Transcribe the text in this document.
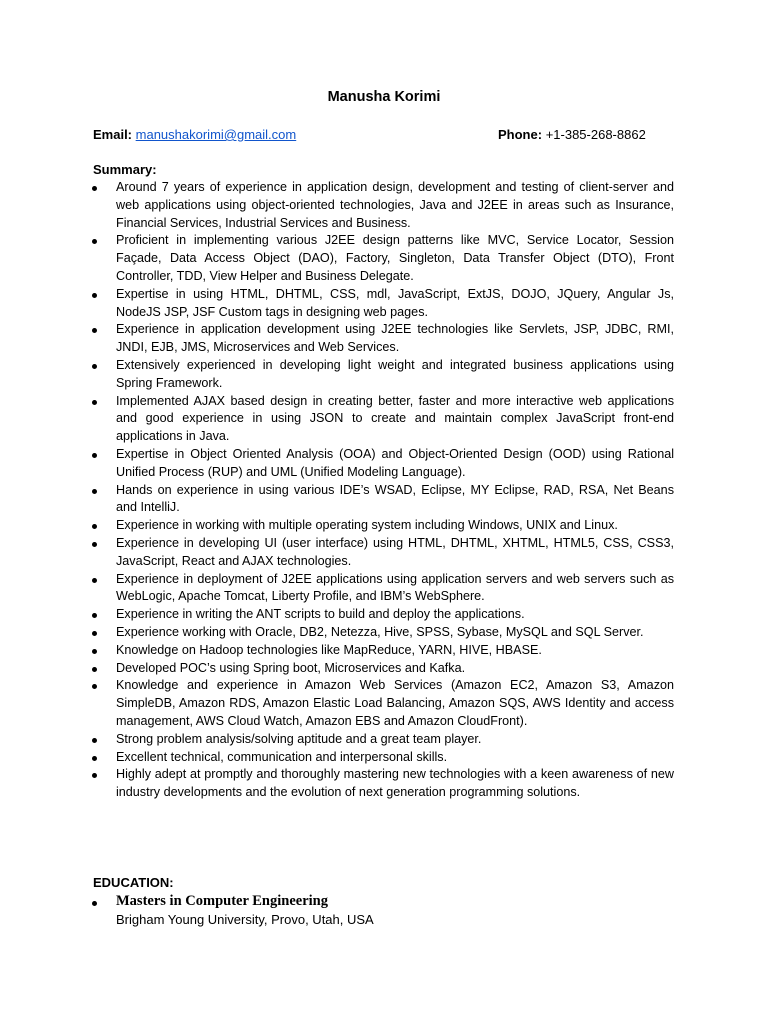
Manusha Korimi
Email: manushakorimi@gmail.com	Phone: +1-385-268-8862
Summary:
Around 7 years of experience in application design, development and testing of client-server and web applications using object-oriented technologies, Java and J2EE in areas such as Insurance, Financial Services, Industrial Services and Business.
Proficient in implementing various J2EE design patterns like MVC, Service Locator, Session Façade, Data Access Object (DAO), Factory, Singleton, Data Transfer Object (DTO), Front Controller, TDD, View Helper and Business Delegate.
Expertise in using HTML, DHTML, CSS, mdl, JavaScript, ExtJS, DOJO, JQuery, Angular Js, NodeJS JSP, JSF Custom tags in designing web pages.
Experience in application development using J2EE technologies like Servlets, JSP, JDBC, RMI, JNDI, EJB, JMS, Microservices and Web Services.
Extensively experienced in developing light weight and integrated business applications using Spring Framework.
Implemented AJAX based design in creating better, faster and more interactive web applications and good experience in using JSON to create and maintain complex JavaScript front-end applications in Java.
Expertise in Object Oriented Analysis (OOA) and Object-Oriented Design (OOD) using Rational Unified Process (RUP) and UML (Unified Modeling Language).
Hands on experience in using various IDE’s WSAD, Eclipse, MY Eclipse, RAD, RSA, Net Beans and IntelliJ.
Experience in working with multiple operating system including Windows, UNIX and Linux.
Experience in developing UI (user interface) using HTML, DHTML, XHTML, HTML5, CSS, CSS3, JavaScript, React and AJAX technologies.
Experience in deployment of J2EE applications using application servers and web servers such as WebLogic, Apache Tomcat, Liberty Profile, and IBM’s WebSphere.
Experience in writing the ANT scripts to build and deploy the applications.
Experience working with Oracle, DB2, Netezza, Hive, SPSS, Sybase, MySQL and SQL Server.
Knowledge on Hadoop technologies like MapReduce, YARN, HIVE, HBASE.
Developed POC’s using Spring boot, Microservices and Kafka.
Knowledge and experience in Amazon Web Services (Amazon EC2, Amazon S3, Amazon SimpleDB, Amazon RDS, Amazon Elastic Load Balancing, Amazon SQS, AWS Identity and access management, AWS Cloud Watch, Amazon EBS and Amazon CloudFront).
Strong problem analysis/solving aptitude and a great team player.
Excellent technical, communication and interpersonal skills.
Highly adept at promptly and thoroughly mastering new technologies with a keen awareness of new industry developments and the evolution of next generation programming solutions.
EDUCATION:
Masters in Computer Engineering
Brigham Young University, Provo, Utah, USA
